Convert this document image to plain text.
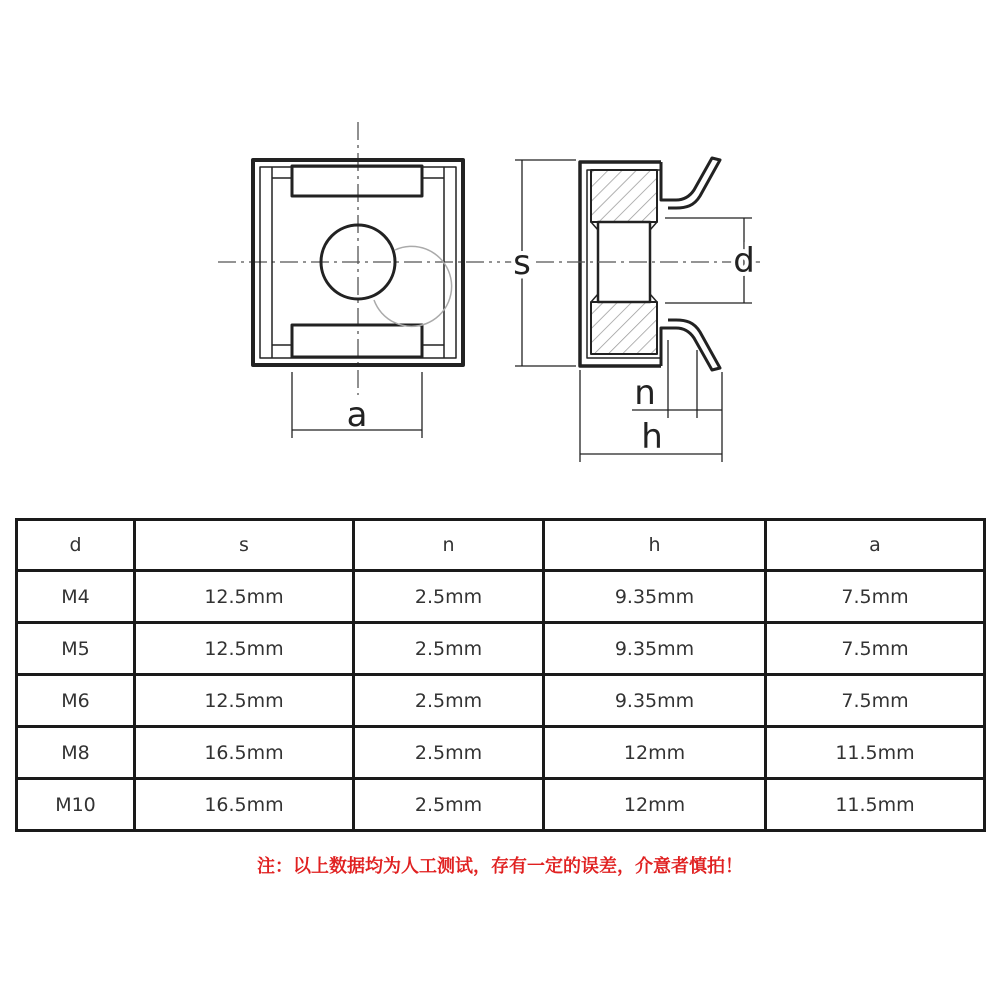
a
s	d
n
h
d	s	n	h	a
M4	12.5mm	2.5mm	9.35mm	7.5mm
M5	12.5mm	2.5mm	9.35mm	7.5mm
M6	12.5mm	2.5mm	9.35mm	7.5mm
M8	16.5mm	2.5mm	12mm	11.5mm
M10	16.5mm	2.5mm	12mm	11.5mm
注：以上数据均为人工测试，存有一定的误差，介意者慎拍！
